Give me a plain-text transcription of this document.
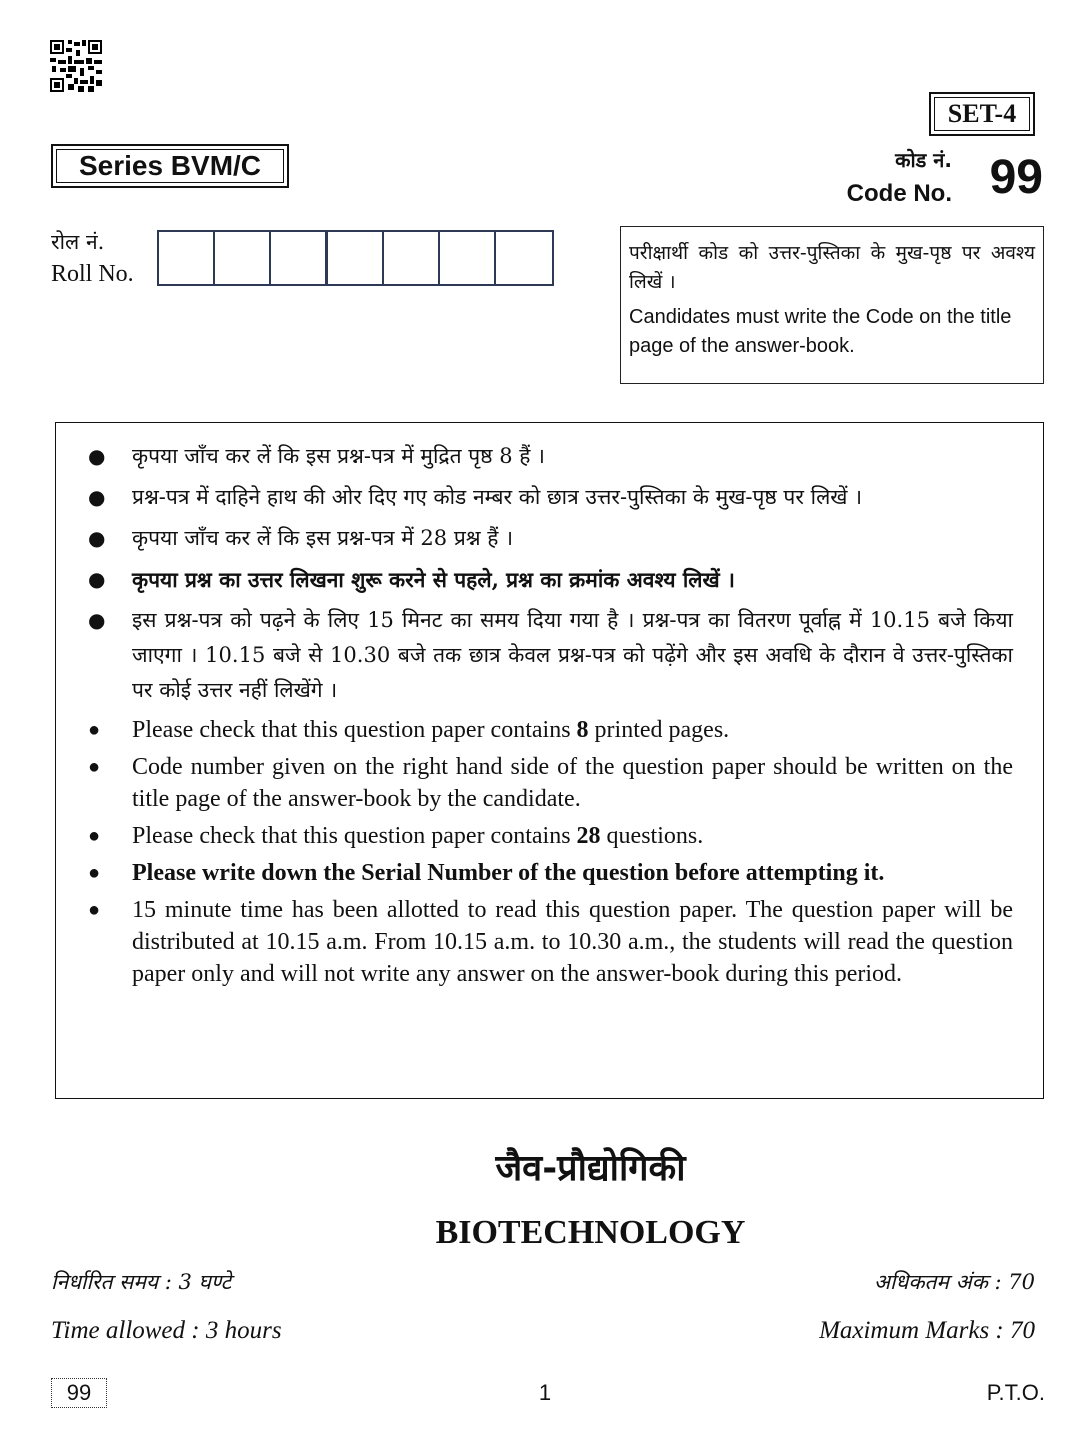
SET-4
Series BVM/C	कोड नं.
Code No. 99
रोल नं.
Roll No.

परीक्षार्थी कोड को उत्तर-पुस्तिका के मुख-पृष्ठ पर अवश्य लिखें ।

Candidates must write the Code on the title page of the answer-book.

● कृपया जाँच कर लें कि इस प्रश्न-पत्र में मुद्रित पृष्ठ 8 हैं ।
● प्रश्न-पत्र में दाहिने हाथ की ओर दिए गए कोड नम्बर को छात्र उत्तर-पुस्तिका के मुख-पृष्ठ पर लिखें ।
● कृपया जाँच कर लें कि इस प्रश्न-पत्र में 28 प्रश्न हैं ।
● कृपया प्रश्न का उत्तर लिखना शुरू करने से पहले, प्रश्न का क्रमांक अवश्य लिखें ।
● इस प्रश्न-पत्र को पढ़ने के लिए 15 मिनट का समय दिया गया है । प्रश्न-पत्र का वितरण पूर्वाह्न में 10.15 बजे किया जाएगा । 10.15 बजे से 10.30 बजे तक छात्र केवल प्रश्न-पत्र को पढ़ेंगे और इस अवधि के दौरान वे उत्तर-पुस्तिका पर कोई उत्तर नहीं लिखेंगे ।
● Please check that this question paper contains 8 printed pages.
● Code number given on the right hand side of the question paper should be written on the title page of the answer-book by the candidate.
● Please check that this question paper contains 28 questions.
● Please write down the Serial Number of the question before attempting it.
● 15 minute time has been allotted to read this question paper. The question paper will be distributed at 10.15 a.m. From 10.15 a.m. to 10.30 a.m., the students will read the question paper only and will not write any answer on the answer-book during this period.
जैव-प्रौद्योगिकी
BIOTECHNOLOGY
निर्धारित समय : 3 घण्टे
Time allowed : 3 hours
अधिकतम अंक : 70
Maximum Marks : 70
99	1	P.T.O.
